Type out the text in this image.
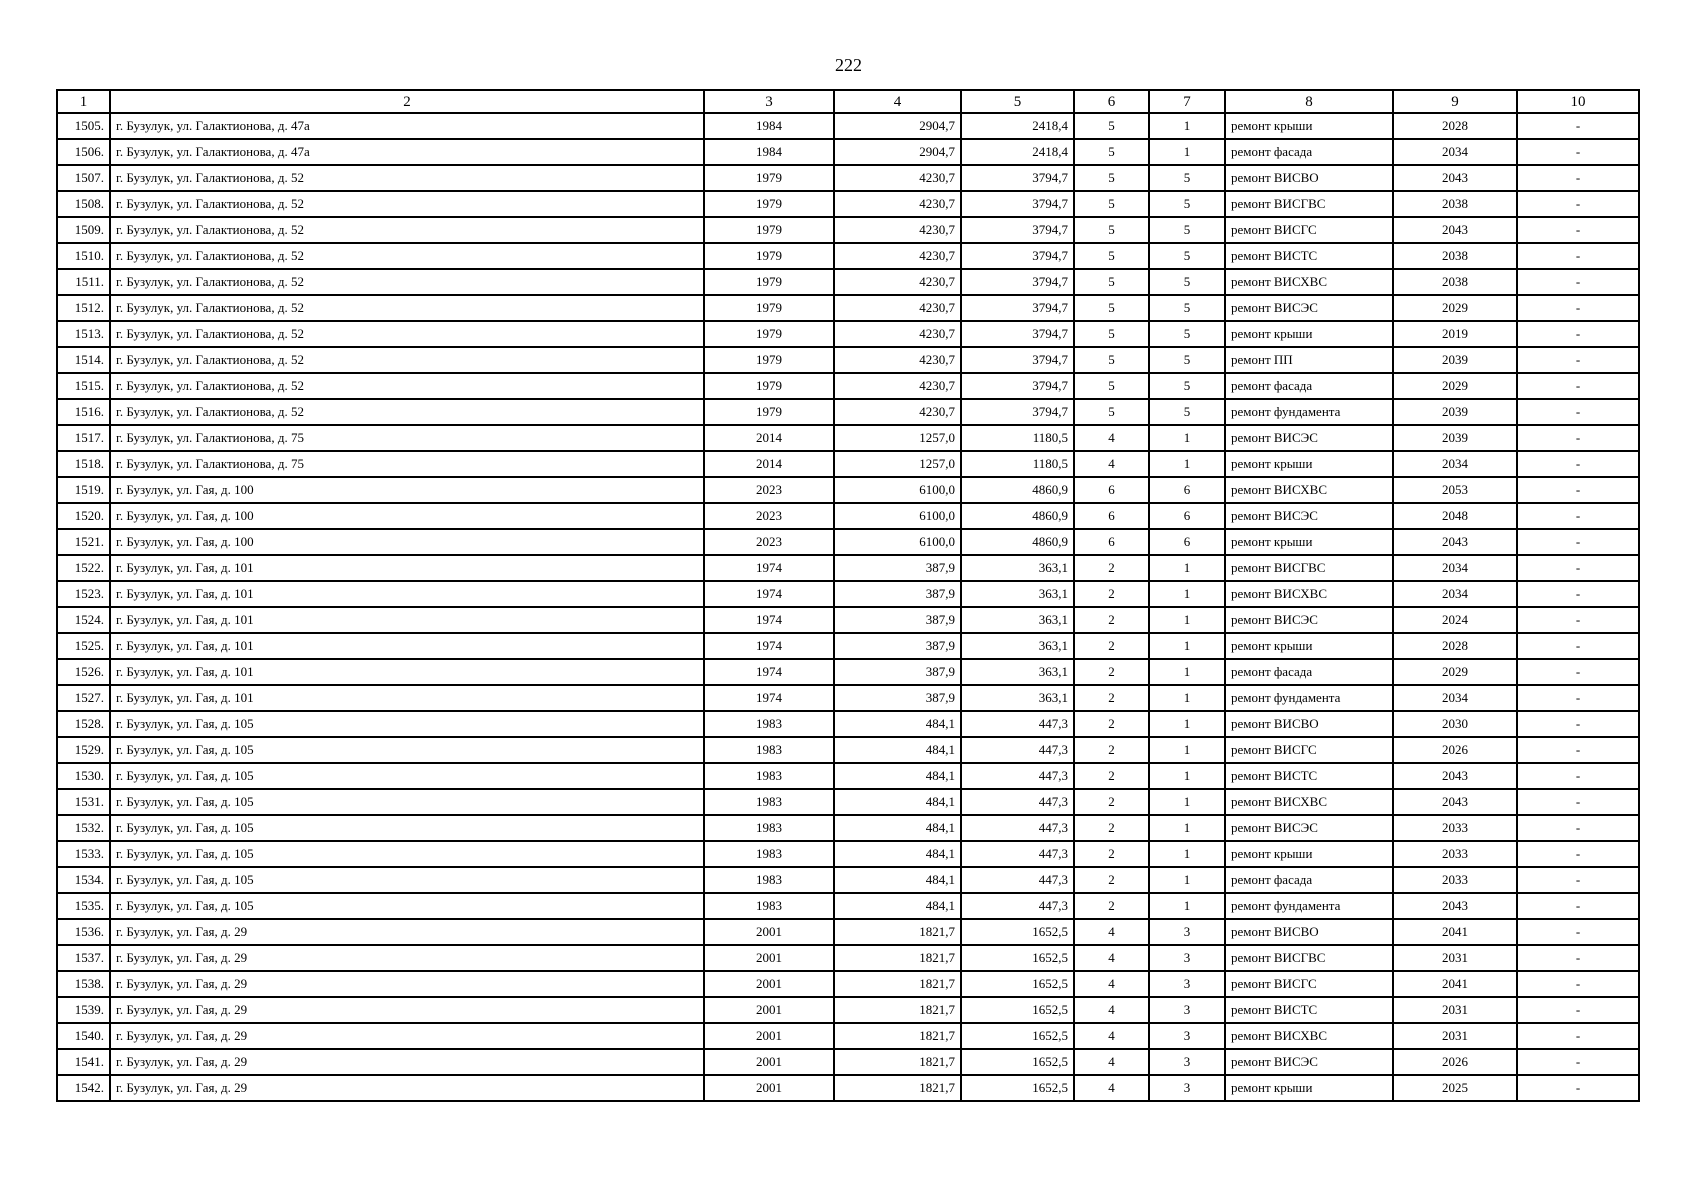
222
1	2	3	4	5	6	7	8	9	10
1505.	г. Бузулук, ул. Галактионова, д. 47а	1984	2904,7	2418,4	5	1	ремонт крыши	2028	-
1506.	г. Бузулук, ул. Галактионова, д. 47а	1984	2904,7	2418,4	5	1	ремонт фасада	2034	-
1507.	г. Бузулук, ул. Галактионова, д. 52	1979	4230,7	3794,7	5	5	ремонт ВИСВО	2043	-
1508.	г. Бузулук, ул. Галактионова, д. 52	1979	4230,7	3794,7	5	5	ремонт ВИСГВС	2038	-
1509.	г. Бузулук, ул. Галактионова, д. 52	1979	4230,7	3794,7	5	5	ремонт ВИСГС	2043	-
1510.	г. Бузулук, ул. Галактионова, д. 52	1979	4230,7	3794,7	5	5	ремонт ВИСТС	2038	-
1511.	г. Бузулук, ул. Галактионова, д. 52	1979	4230,7	3794,7	5	5	ремонт ВИСХВС	2038	-
1512.	г. Бузулук, ул. Галактионова, д. 52	1979	4230,7	3794,7	5	5	ремонт ВИСЭС	2029	-
1513.	г. Бузулук, ул. Галактионова, д. 52	1979	4230,7	3794,7	5	5	ремонт крыши	2019	-
1514.	г. Бузулук, ул. Галактионова, д. 52	1979	4230,7	3794,7	5	5	ремонт ПП	2039	-
1515.	г. Бузулук, ул. Галактионова, д. 52	1979	4230,7	3794,7	5	5	ремонт фасада	2029	-
1516.	г. Бузулук, ул. Галактионова, д. 52	1979	4230,7	3794,7	5	5	ремонт фундамента	2039	-
1517.	г. Бузулук, ул. Галактионова, д. 75	2014	1257,0	1180,5	4	1	ремонт ВИСЭС	2039	-
1518.	г. Бузулук, ул. Галактионова, д. 75	2014	1257,0	1180,5	4	1	ремонт крыши	2034	-
1519.	г. Бузулук, ул. Гая, д. 100	2023	6100,0	4860,9	6	6	ремонт ВИСХВС	2053	-
1520.	г. Бузулук, ул. Гая, д. 100	2023	6100,0	4860,9	6	6	ремонт ВИСЭС	2048	-
1521.	г. Бузулук, ул. Гая, д. 100	2023	6100,0	4860,9	6	6	ремонт крыши	2043	-
1522.	г. Бузулук, ул. Гая, д. 101	1974	387,9	363,1	2	1	ремонт ВИСГВС	2034	-
1523.	г. Бузулук, ул. Гая, д. 101	1974	387,9	363,1	2	1	ремонт ВИСХВС	2034	-
1524.	г. Бузулук, ул. Гая, д. 101	1974	387,9	363,1	2	1	ремонт ВИСЭС	2024	-
1525.	г. Бузулук, ул. Гая, д. 101	1974	387,9	363,1	2	1	ремонт крыши	2028	-
1526.	г. Бузулук, ул. Гая, д. 101	1974	387,9	363,1	2	1	ремонт фасада	2029	-
1527.	г. Бузулук, ул. Гая, д. 101	1974	387,9	363,1	2	1	ремонт фундамента	2034	-
1528.	г. Бузулук, ул. Гая, д. 105	1983	484,1	447,3	2	1	ремонт ВИСВО	2030	-
1529.	г. Бузулук, ул. Гая, д. 105	1983	484,1	447,3	2	1	ремонт ВИСГС	2026	-
1530.	г. Бузулук, ул. Гая, д. 105	1983	484,1	447,3	2	1	ремонт ВИСТС	2043	-
1531.	г. Бузулук, ул. Гая, д. 105	1983	484,1	447,3	2	1	ремонт ВИСХВС	2043	-
1532.	г. Бузулук, ул. Гая, д. 105	1983	484,1	447,3	2	1	ремонт ВИСЭС	2033	-
1533.	г. Бузулук, ул. Гая, д. 105	1983	484,1	447,3	2	1	ремонт крыши	2033	-
1534.	г. Бузулук, ул. Гая, д. 105	1983	484,1	447,3	2	1	ремонт фасада	2033	-
1535.	г. Бузулук, ул. Гая, д. 105	1983	484,1	447,3	2	1	ремонт фундамента	2043	-
1536.	г. Бузулук, ул. Гая, д. 29	2001	1821,7	1652,5	4	3	ремонт ВИСВО	2041	-
1537.	г. Бузулук, ул. Гая, д. 29	2001	1821,7	1652,5	4	3	ремонт ВИСГВС	2031	-
1538.	г. Бузулук, ул. Гая, д. 29	2001	1821,7	1652,5	4	3	ремонт ВИСГС	2041	-
1539.	г. Бузулук, ул. Гая, д. 29	2001	1821,7	1652,5	4	3	ремонт ВИСТС	2031	-
1540.	г. Бузулук, ул. Гая, д. 29	2001	1821,7	1652,5	4	3	ремонт ВИСХВС	2031	-
1541.	г. Бузулук, ул. Гая, д. 29	2001	1821,7	1652,5	4	3	ремонт ВИСЭС	2026	-
1542.	г. Бузулук, ул. Гая, д. 29	2001	1821,7	1652,5	4	3	ремонт крыши	2025	-
